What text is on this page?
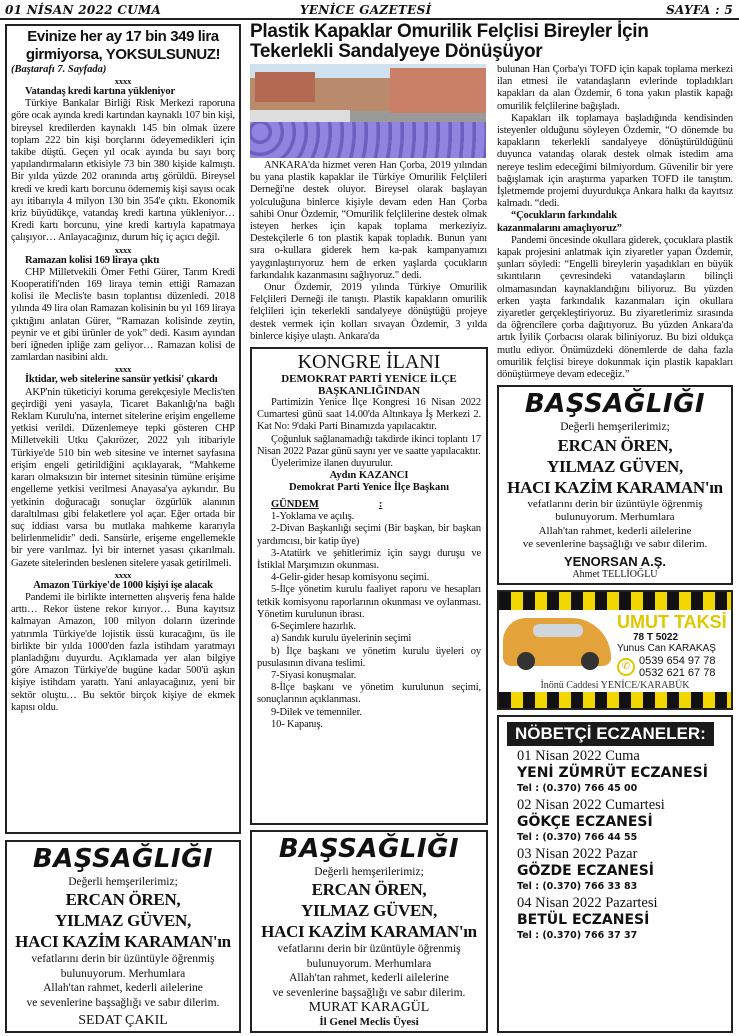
01 NİSAN 2022 CUMA	YENİCE GAZETESİ	SAYFA : 5
Evinize her ay 17 bin 349 lira
girmiyorsa, YOKSULSUNUZ!
(Baştarafı 7. Sayfada)
xxxx
Vatandaş kredi kartına yükleniyor

Türkiye Bankalar Birliği Risk Merkezi raporuna göre ocak ayında kredi kartından kaynaklı 107 bin kişi, bireysel kredilerden kaynaklı 145 bin olmak üzere toplam 222 bin kişi borçlarını ödeyemedikleri için takibe düştü. Geçen yıl ocak ayında bu sayı borç yapılandırmaların etkisiyle 73 bin 380 kişide kalmıştı. Bir yılda yüzde 202 oranında artış görüldü. Bireysel kredi ve kredi kartı borcunu ödememiş kişi sayısı ocak ayı itibarıyla 4 milyon 130 bin 354'e çıktı. Ekonomik kriz büyüdükçe, vatandaş kredi kartına yükleniyor… Kredi kartı borcunu, yine kredi kartıyla kapatmaya çalışıyor… Anlayacağınız, durum hiç iç açıcı değil.

xxxx
Ramazan kolisi 169 liraya çıktı

CHP Milletvekili Ömer Fethi Gürer, Tarım Kredi Kooperatifi'nden 169 liraya temin ettiği Ramazan kolisi ile Meclis'te basın toplantısı düzenledi. 2018 yılında 49 lira olan Ramazan kolisinin bu yıl 169 liraya çıktığını anlatan Gürer, “Ramazan kolisinde zeytin, peynir ve et gibi ürünler de yok” dedi. Kasım ayından beri iğneden ipliğe zam geliyor… Ramazan kolisi de zamlardan nasibini aldı.

xxxx
İktidar, web sitelerine sansür yetkisi' çıkardı

AKP'nin tüketiciyi koruma gerekçesiyle Meclis'ten geçirdiği yeni yasayla, Ticaret Bakanlığı'na bağlı Reklam Kurulu'na, internet sitelerine erişim engelleme yetkisi verildi. Düzenlemeye tepki gösteren CHP Milletvekili Utku Çakırözer, 2022 yılı itibariyle Türkiye'de 510 bin web sitesine ve internet sayfasına erişim engeli getirildiğini açıklayarak, “Mahkeme kararı olmaksızın bir internet sitesinin tümüne erişime engelleme yetkisi verilmesi Anayasa'ya aykırıdır. Bu yetkinin doğuracağı sonuçlar özgürlük alanının daraltılması gibi felaketlere yol açar. Eğer ortada bir suç iddiası varsa bu mutlaka mahkeme kararıyla belirlenmelidir" dedi. Sansürle, erişeme engellemekle bir yere varılmaz. İyi bir internet yasası çıkarılmalı. Gazete sitelerinden beslenen sitelere yasak getirilmeli.

xxxx
Amazon Türkiye'de 1000 kişiyi işe alacak

Pandemi ile birlikte internetten alışveriş fena halde arttı… Rekor üstene rekor kırıyor… Buna kayıtsız kalmayan Amazon, 100 milyon doların üzerinde yatırımla Türkiye'de lojistik üssü kuracağını, üs ile birlikte bir yılda 1000'den fazla istihdam yaratmayı planladığını duyurdu. Açıklamada yer alan bilgiye göre Amazon Türkiye'de bugüne kadar 500'ü aşkın kişiye istihdam yarattı. Yani anlayacağınız, yeni bir sektör oluştu… Bu sektör birçok kişiye de ekmek kapısı oldu.

BAŞSAĞLIĞI
Değerli hemşerilerimiz;
ERCAN ÖREN,
YILMAZ GÜVEN,
HACI KAZİM KARAMAN'ın
vefatlarını derin bir üzüntüyle öğrenmiş
bulunuyorum. Merhumlara
Allah'tan rahmet, kederli ailelerine
ve sevenlerine başsağlığı ve sabır dilerim.
SEDAT ÇAKIL
Plastik Kapaklar Omurilik Felçlisi Bireyler İçin Tekerlekli Sandalyeye Dönüşüyor

ANKARA'da hizmet veren Han Çorba, 2019 yılından bu yana plastik kapaklar ile Türkiye Omurilik Felçlileri Derneği'ne destek oluyor. Bireysel olarak başlayan yolculuğuna binlerce kişiyle devam eden Han Çorba sahibi Onur Özdemir, “Omurilik felçlilerine destek olmak isteyen herkes için kapak toplama merkeziyiz. Destekçilerle 6 ton plastik kapak topladık. Bunun yanı sıra o-kullara giderek hem ka-pak kampanyamızı yaygınlaştırıyoruz hem de erken yaşlarda çocukların farkındalık kazanmasını sağlıyoruz." dedi.

Onur Özdemir, 2019 yılında Türkiye Omurilik Felçlileri Derneği ile tanıştı. Plastik kapakların omurilik felçlileri için tekerlekli sandalyeye dönüştüğü projeye destek vermek için kolları sıvayan Özdemir, 3 yılda binlerce kişiye ulaştı. Ankara'da

KONGRE İLANI
DEMOKRAT PARTİ YENİCE İLÇE BAŞKANLIĞINDAN

Partimizin Yenice İlçe Kongresi 16 Nisan 2022 Cumartesi günü saat 14.00'da Altınkaya İş Merkezi 2. Kat No: 9'daki Parti Binamızda yapılacaktır.

Çoğunluk sağlanamadığı takdirde ikinci toplantı 17 Nisan 2022 Pazar günü saynı yer ve saatte yapılacaktır.

Üyelerimize ilanen duyurulur.

Aydın KAZANCI
Demokrat Parti Yenice İlçe Başkanı
GÜNDEM	:

1-Yoklama ve açılış.

2-Divan Başkanlığı seçimi (Bir başkan, bir başkan yardımcısı, bir katip üye)

3-Atatürk ve şehitlerimiz için saygı duruşu ve İstiklal Marşımızın okunması.

4-Gelir-gider hesap komisyonu seçimi.

5-İlçe yönetim kurulu faaliyet raporu ve hesapları tetkik komisyonu raporlarının okunması ve oylanması. Yönetim kurulunun ibrası.

6-Seçimlere hazırlık.

a) Sandık kurulu üyelerinin seçimi

b) İlçe başkanı ve yönetim kurulu üyeleri oy pusulasının divana teslimi.

7-Siyasi konuşmalar.

8-İlçe başkanı ve yönetim kurulunun seçimi, sonuçlarının açıklanması.

9-Dilek ve temenniler.

10- Kapanış.

BAŞSAĞLIĞI
Değerli hemşerilerimiz;
ERCAN ÖREN,
YILMAZ GÜVEN,
HACI KAZİM KARAMAN'ın
vefatlarını derin bir üzüntüyle öğrenmiş
bulunuyorum. Merhumlara
Allah'tan rahmet, kederli ailelerine
ve sevenlerine başsağlığı ve sabır dilerim.
MURAT KARAGÜL
İl Genel Meclis Üyesi

bulunan Han Çorba'yı TOFD için kapak toplama merkezi ilan etmesi ile vatandaşların evlerinde topladıkları kapakları da alan Özdemir, 6 tona yakın plastik kapağı omurilik felçlilerine bağışladı.

Kapakları ilk toplamaya başladığında kendisinden isteyenler olduğunu söyleyen Özdemir, “O dönemde bu kapakların tekerlekli sandalyeye dönüştürüldüğünü duyunca vatandaş olarak destek olmak istedim ama nereye teslim edeceğimi bilmiyordum. Güvenilir bir yere bağışlamak için araştırma yaparken TOFD ile tanıştım. İşletmemde projemi duyurdukça Ankara halkı da kayıtsız kalmadı. “dedi.

“Çocukların farkındalık kazanmalarını amaçlıyoruz”

Pandemi öncesinde okullara giderek, çocuklara plastik kapak projesini anlatmak için ziyaretler yapan Özdemir, şunları söyledi: “Engelli bireylerin yaşadıkları en büyük sıkıntıların çevresindeki vatandaşların bilinçli olmamasından kaynaklandığını biliyoruz. Bu yüzden erken yaşta farkındalık kazanmaları için okullara ziyaretler gerçekleştiriyoruz. Bu ziyaretlerimiz sırasında da öğrencilere çorba dağıtıyoruz. Bu yüzden Ankara'da artık İyilik Çorbacısı olarak biliniyoruz. Bu bizi oldukça mutlu ediyor. Önümüzdeki dönemlerde de daha fazla omurilik felçlisi bireye dokunmak için plastik kapakları dönüştürmeye devam edeceğiz.”

BAŞSAĞLIĞI
Değerli hemşerilerimiz;
ERCAN ÖREN,
YILMAZ GÜVEN,
HACI KAZİM KARAMAN'ın
vefatlarını derin bir üzüntüyle öğrenmiş
bulunuyorum. Merhumlara
Allah'tan rahmet, kederli ailelerine
ve sevenlerine başsağlığı ve sabır dilerim.
YENORSAN A.Ş.
Ahmet TELLİOĞLU
UMUT TAKSİ
78 T 5022
Yunus Can KARAKAŞ
✆ 0539 654 97 78
0532 621 67 78
İnönü Caddesi YENİCE/KARABÜK
NÖBETÇİ ECZANELER:
01 Nisan 2022 Cuma
YENİ ZÜMRÜT ECZANESİ
Tel : (0.370) 766 45 00
02 Nisan 2022 Cumartesi
GÖKÇE ECZANESİ
Tel : (0.370) 766 44 55
03 Nisan 2022 Pazar
GÖZDE ECZANESİ
Tel : (0.370) 766 33 83
04 Nisan 2022 Pazartesi
BETÜL ECZANESİ
Tel : (0.370) 766 37 37
